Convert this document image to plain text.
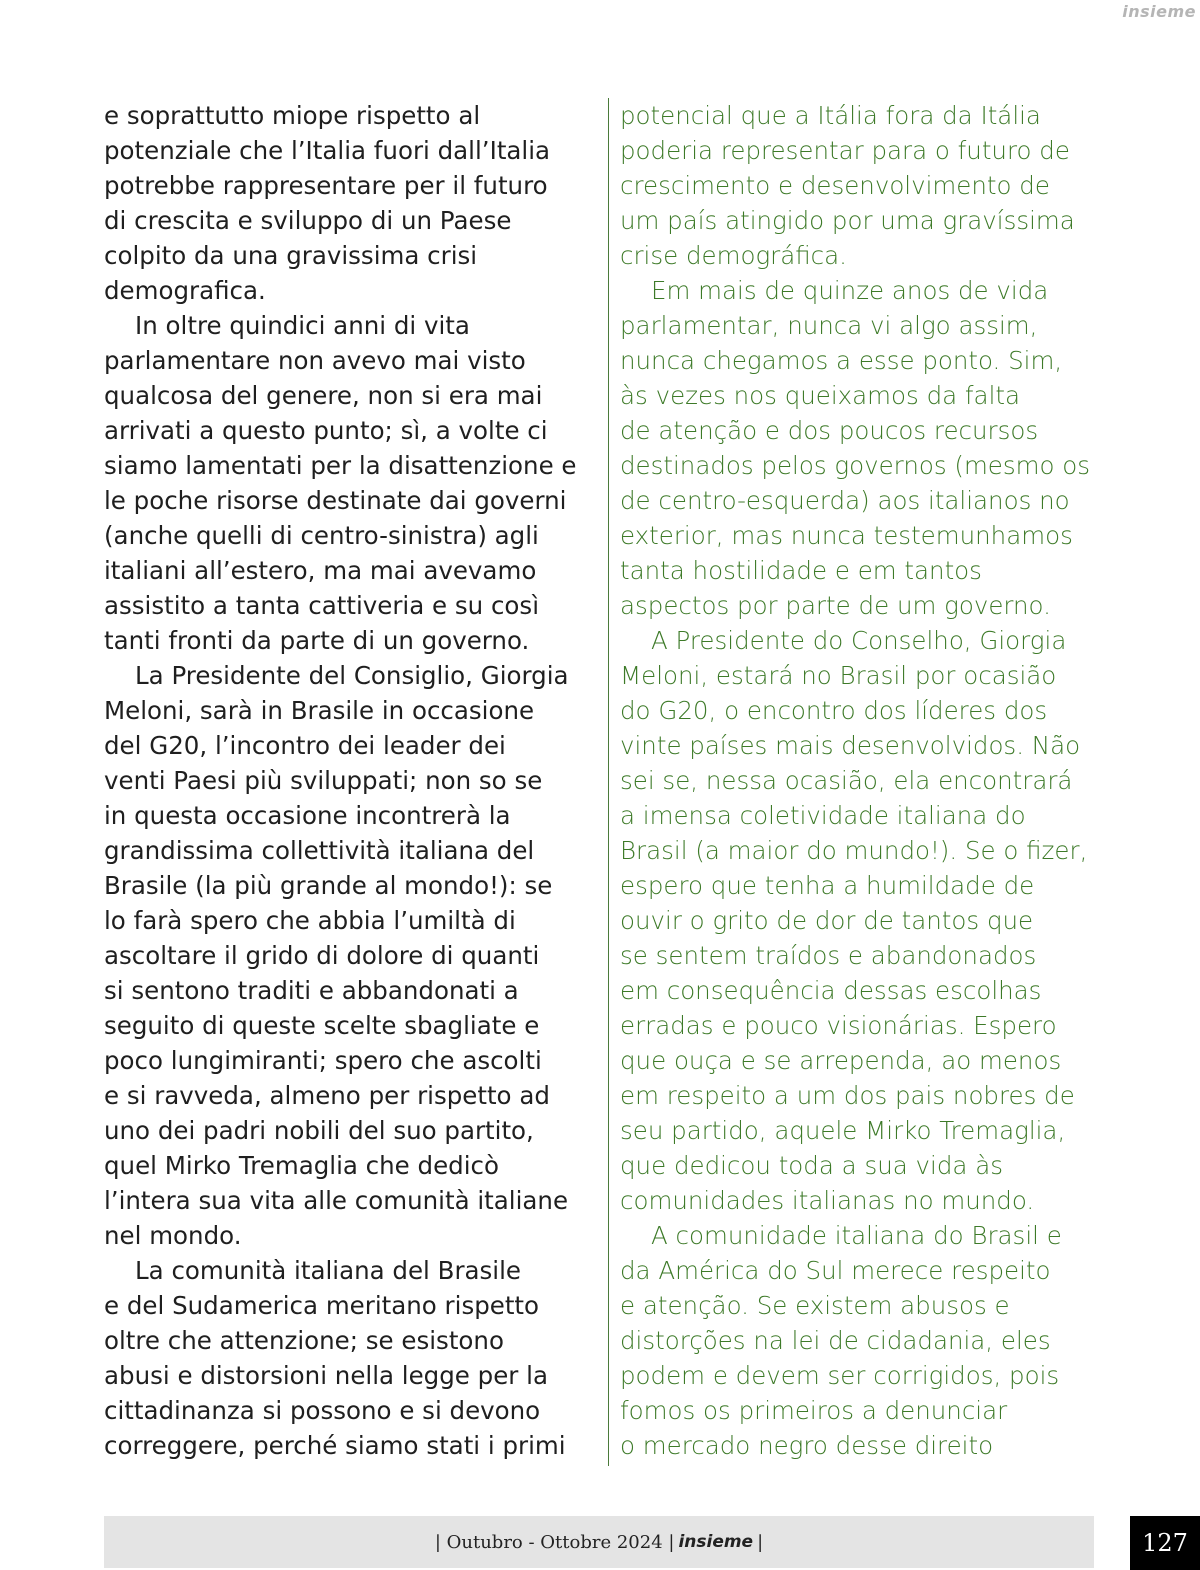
insieme

e soprattutto miope rispetto al

potenziale che l’Italia fuori dall’Italia

potrebbe rappresentare per il futuro

di crescita e sviluppo di un Paese

colpito da una gravissima crisi

demografica.

In oltre quindici anni di vita

parlamentare non avevo mai visto

qualcosa del genere, non si era mai

arrivati a questo punto; sì, a volte ci

siamo lamentati per la disattenzione e

le poche risorse destinate dai governi

(anche quelli di centro-sinistra) agli

italiani all’estero, ma mai avevamo

assistito a tanta cattiveria e su così

tanti fronti da parte di un governo.

La Presidente del Consiglio, Giorgia

Meloni, sarà in Brasile in occasione

del G20, l’incontro dei leader dei

venti Paesi più sviluppati; non so se

in questa occasione incontrerà la

grandissima collettività italiana del

Brasile (la più grande al mondo!): se

lo farà spero che abbia l’umiltà di

ascoltare il grido di dolore di quanti

si sentono traditi e abbandonati a

seguito di queste scelte sbagliate e

poco lungimiranti; spero che ascolti

e si ravveda, almeno per rispetto ad

uno dei padri nobili del suo partito,

quel Mirko Tremaglia che dedicò

l’intera sua vita alle comunità italiane

nel mondo.

La comunità italiana del Brasile

e del Sudamerica meritano rispetto

oltre che attenzione; se esistono

abusi e distorsioni nella legge per la

cittadinanza si possono e si devono

correggere, perché siamo stati i primi

potencial que a Itália fora da Itália

poderia representar para o futuro de

crescimento e desenvolvimento de

um país atingido por uma gravíssima

crise demográfica.

Em mais de quinze anos de vida

parlamentar, nunca vi algo assim,

nunca chegamos a esse ponto. Sim,

às vezes nos queixamos da falta

de atenção e dos poucos recursos

destinados pelos governos (mesmo os

de centro-esquerda) aos italianos no

exterior, mas nunca testemunhamos

tanta hostilidade e em tantos

aspectos por parte de um governo.

A Presidente do Conselho, Giorgia

Meloni, estará no Brasil por ocasião

do G20, o encontro dos líderes dos

vinte países mais desenvolvidos. Não

sei se, nessa ocasião, ela encontrará

a imensa coletividade italiana do

Brasil (a maior do mundo!). Se o fizer,

espero que tenha a humildade de

ouvir o grito de dor de tantos que

se sentem traídos e abandonados

em consequência dessas escolhas

erradas e pouco visionárias. Espero

que ouça e se arrependa, ao menos

em respeito a um dos pais nobres de

seu partido, aquele Mirko Tremaglia,

que dedicou toda a sua vida às

comunidades italianas no mundo.

A comunidade italiana do Brasil e

da América do Sul merece respeito

e atenção. Se existem abusos e

distorções na lei de cidadania, eles

podem e devem ser corrigidos, pois

fomos os primeiros a denunciar

o mercado negro desse direito

| Outubro - Ottobre 2024 | insieme |	127
